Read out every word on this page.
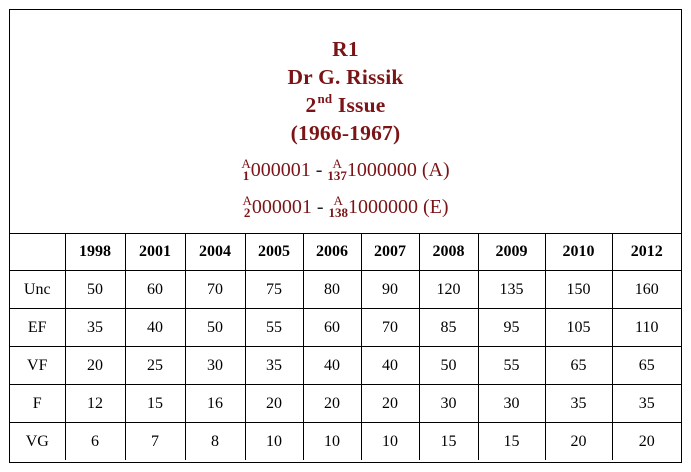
R1
Dr G. Rissik
2nd Issue
(1966-1967)
A
1 000001 - A
137 1000000 (A)
A
2 000001 - A
138 1000000 (E)
	1998	2001	2004	2005	2006	2007	2008	2009	2010	2012
Unc	50	60	70	75	80	90	120	135	150	160
EF	35	40	50	55	60	70	85	95	105	110
VF	20	25	30	35	40	40	50	55	65	65
F	12	15	16	20	20	20	30	30	35	35
VG	6	7	8	10	10	10	15	15	20	20
